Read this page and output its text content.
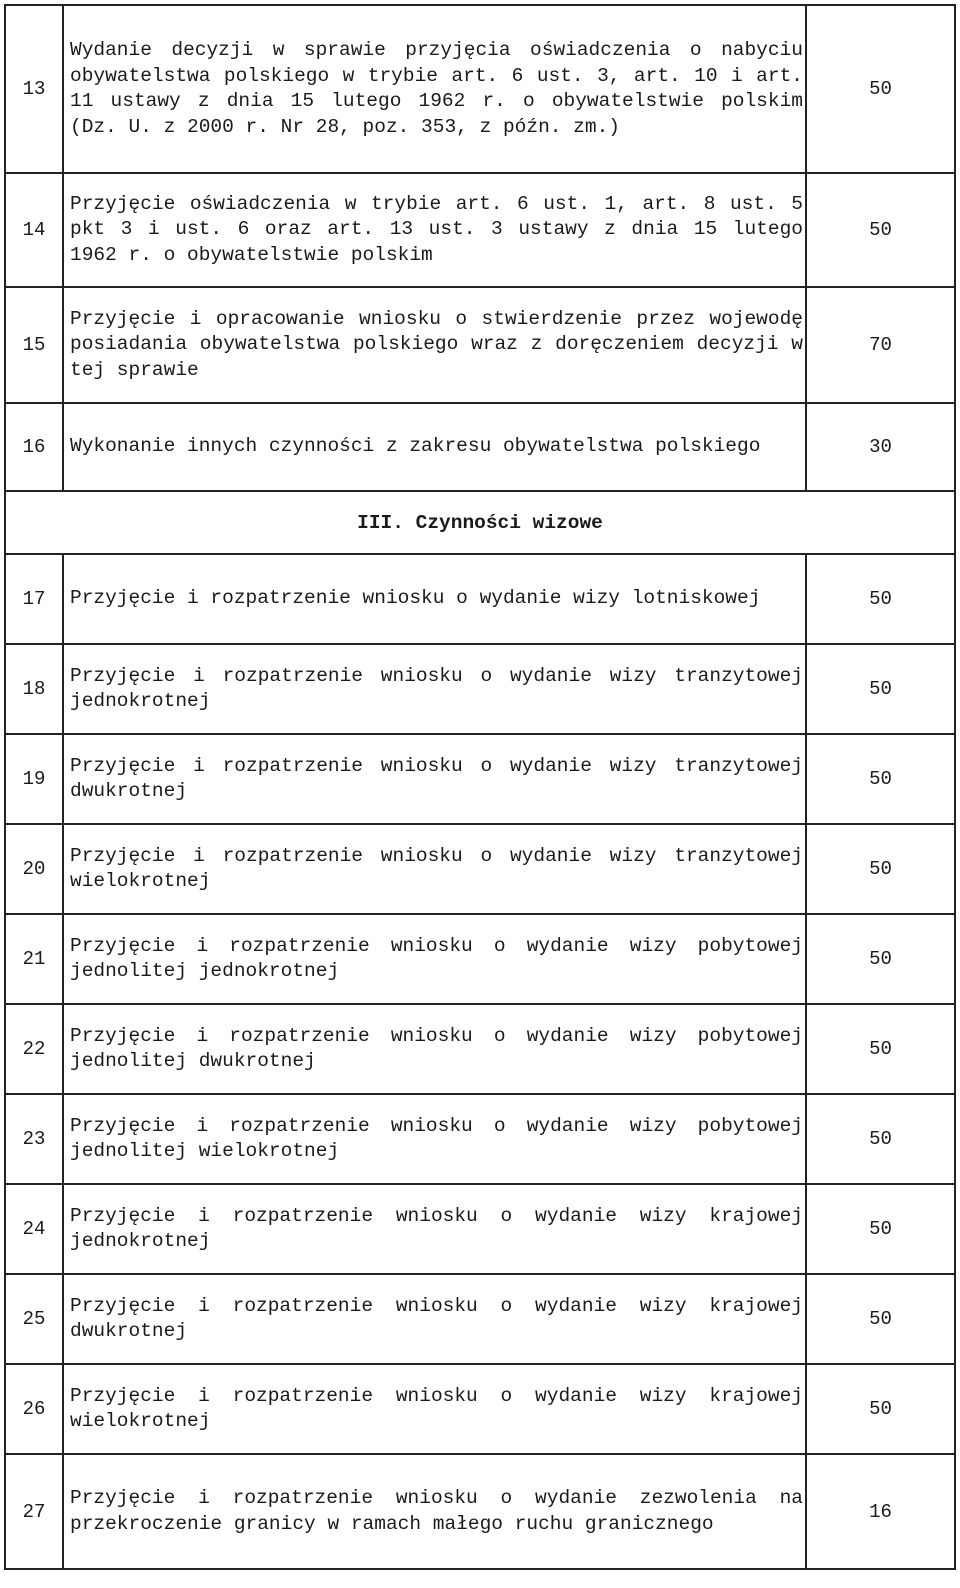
13	Wydanie decyzji w sprawie przyjęcia oświadczenia o nabyciu obywatelstwa polskiego w trybie art. 6 ust. 3, art. 10 i art. 11 ustawy z dnia 15 lutego 1962 r. o obywatelstwie polskim (Dz. U. z 2000 r. Nr 28, poz. 353, z późn. zm.)	50
14	Przyjęcie oświadczenia w trybie art. 6 ust. 1, art. 8 ust. 5 pkt 3 i ust. 6 oraz art. 13 ust. 3 ustawy z dnia 15 lutego 1962 r. o obywatelstwie polskim	50
15	Przyjęcie i opracowanie wniosku o stwierdzenie przez wojewodę posiadania obywatelstwa polskiego wraz z doręczeniem decyzji w tej sprawie	70
16	Wykonanie innych czynności z zakresu obywatelstwa polskiego	30
III. Czynności wizowe		
17	Przyjęcie i rozpatrzenie wniosku o wydanie wizy lotniskowej	50
18	Przyjęcie i rozpatrzenie wniosku o wydanie wizy tranzytowej jednokrotnej	50
19	Przyjęcie i rozpatrzenie wniosku o wydanie wizy tranzytowej dwukrotnej	50
20	Przyjęcie i rozpatrzenie wniosku o wydanie wizy tranzytowej wielokrotnej	50
21	Przyjęcie i rozpatrzenie wniosku o wydanie wizy pobytowej jednolitej jednokrotnej	50
22	Przyjęcie i rozpatrzenie wniosku o wydanie wizy pobytowej jednolitej dwukrotnej	50
23	Przyjęcie i rozpatrzenie wniosku o wydanie wizy pobytowej jednolitej wielokrotnej	50
24	Przyjęcie i rozpatrzenie wniosku o wydanie wizy krajowej jednokrotnej	50
25	Przyjęcie i rozpatrzenie wniosku o wydanie wizy krajowej dwukrotnej	50
26	Przyjęcie i rozpatrzenie wniosku o wydanie wizy krajowej wielokrotnej	50
27	Przyjęcie i rozpatrzenie wniosku o wydanie zezwolenia na przekroczenie granicy w ramach małego ruchu granicznego	16
